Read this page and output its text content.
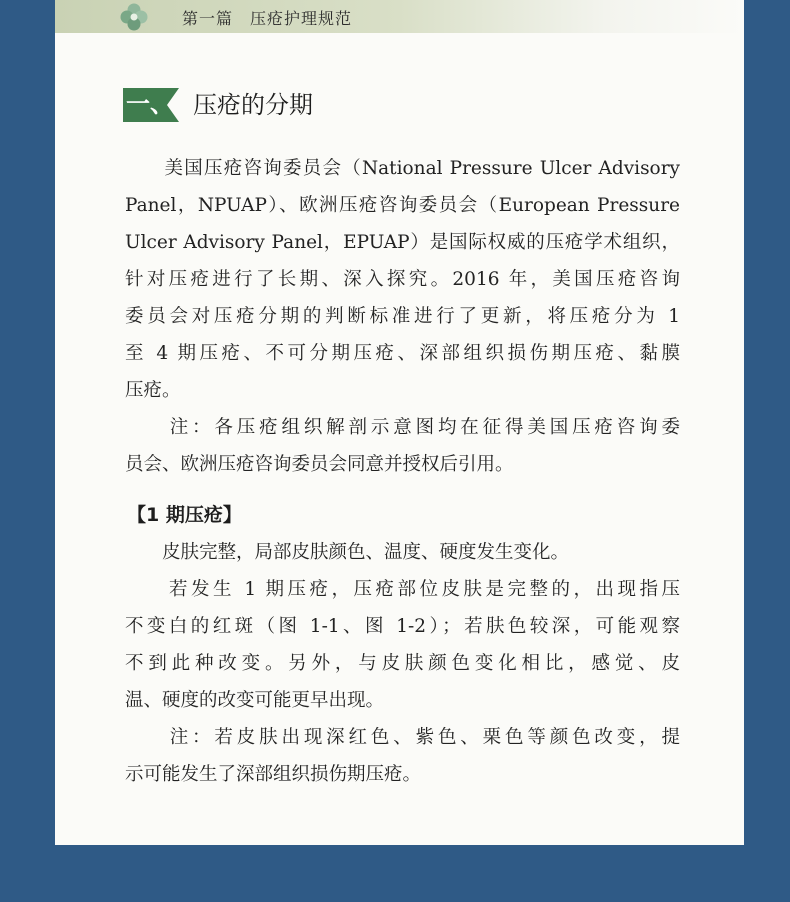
第一篇　压疮护理规范
一、 压疮的分期
　　美国压疮咨询委员会（National Pressure Ulcer Advisory
Panel，NPUAP）、欧洲压疮咨询委员会（European Pressure
Ulcer Advisory Panel，EPUAP）是国际权威的压疮学术组织，
针对压疮进行了长期、深入探究。2016 年，美国压疮咨询
委员会对压疮分期的判断标准进行了更新，将压疮分为 1
至 4 期压疮、不可分期压疮、深部组织损伤期压疮、黏膜
压疮。
　　注：各压疮组织解剖示意图均在征得美国压疮咨询委
员会、欧洲压疮咨询委员会同意并授权后引用。
【1 期压疮】
　　皮肤完整，局部皮肤颜色、温度、硬度发生变化。
　　若发生 1 期压疮，压疮部位皮肤是完整的，出现指压
不变白的红斑（图 1-1、图 1-2）；若肤色较深，可能观察
不到此种改变。另外，与皮肤颜色变化相比，感觉、皮
温、硬度的改变可能更早出现。
　　注：若皮肤出现深红色、紫色、栗色等颜色改变，提
示可能发生了深部组织损伤期压疮。
